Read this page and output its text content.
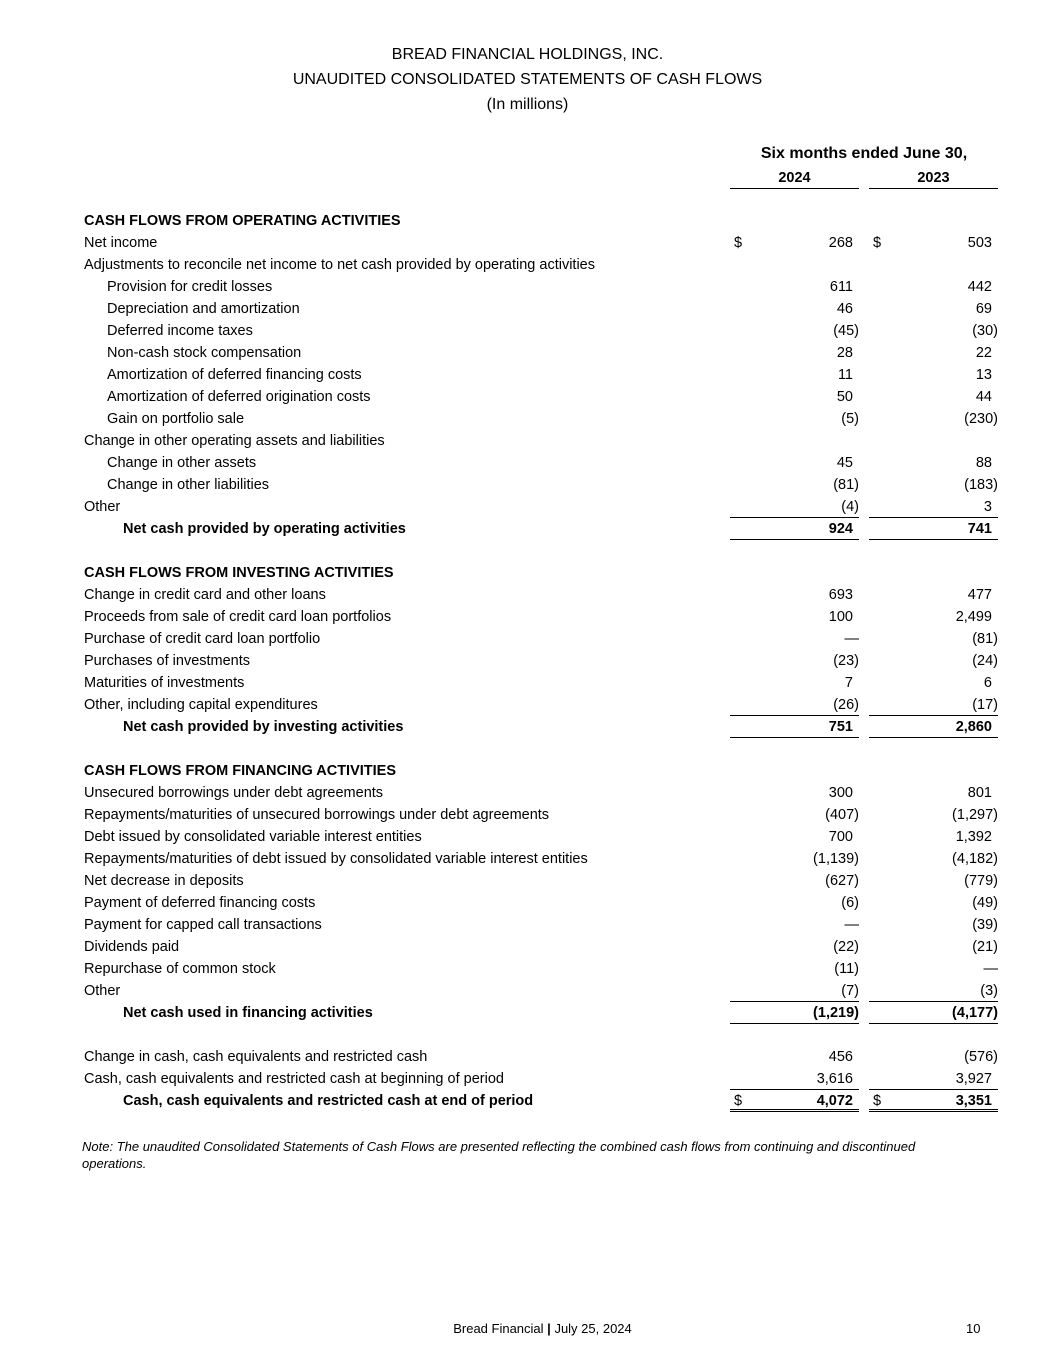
BREAD FINANCIAL HOLDINGS, INC.
UNAUDITED CONSOLIDATED STATEMENTS OF CASH FLOWS
(In millions)
Six months ended June 30,
2024	2023
CASH FLOWS FROM OPERATING ACTIVITIES
Net income	$	268 $	503
Adjustments to reconcile net income to net cash provided by operating activities
Provision for credit losses	611	442
Depreciation and amortization	46	69
Deferred income taxes	(45)	(30)
Non-cash stock compensation	28	22
Amortization of deferred financing costs	11	13
Amortization of deferred origination costs	50	44
Gain on portfolio sale	(5)	(230)
Change in other operating assets and liabilities
Change in other assets	45	88
Change in other liabilities	(81)	(183)
Other	(4)	3
Net cash provided by operating activities	924	741
CASH FLOWS FROM INVESTING ACTIVITIES
Change in credit card and other loans	693	477
Proceeds from sale of credit card loan portfolios	100	2,499
Purchase of credit card loan portfolio	—	(81)
Purchases of investments	(23)	(24)
Maturities of investments	7	6
Other, including capital expenditures	(26)	(17)
Net cash provided by investing activities	751	2,860
CASH FLOWS FROM FINANCING ACTIVITIES
Unsecured borrowings under debt agreements	300	801
Repayments/maturities of unsecured borrowings under debt agreements	(407)	(1,297)
Debt issued by consolidated variable interest entities	700	1,392
Repayments/maturities of debt issued by consolidated variable interest entities	(1,139)	(4,182)
Net decrease in deposits	(627)	(779)
Payment of deferred financing costs	(6)	(49)
Payment for capped call transactions	—	(39)
Dividends paid	(22)	(21)
Repurchase of common stock	(11)	—
Other	(7)	(3)
Net cash used in financing activities	(1,219)	(4,177)
Change in cash, cash equivalents and restricted cash	456	(576)
Cash, cash equivalents and restricted cash at beginning of period	3,616	3,927
Cash, cash equivalents and restricted cash at end of period	$	4,072 $	3,351
Note: The unaudited Consolidated Statements of Cash Flows are presented reflecting the combined cash flows from continuing and discontinued operations.
Bread Financial | July 25, 2024	10
